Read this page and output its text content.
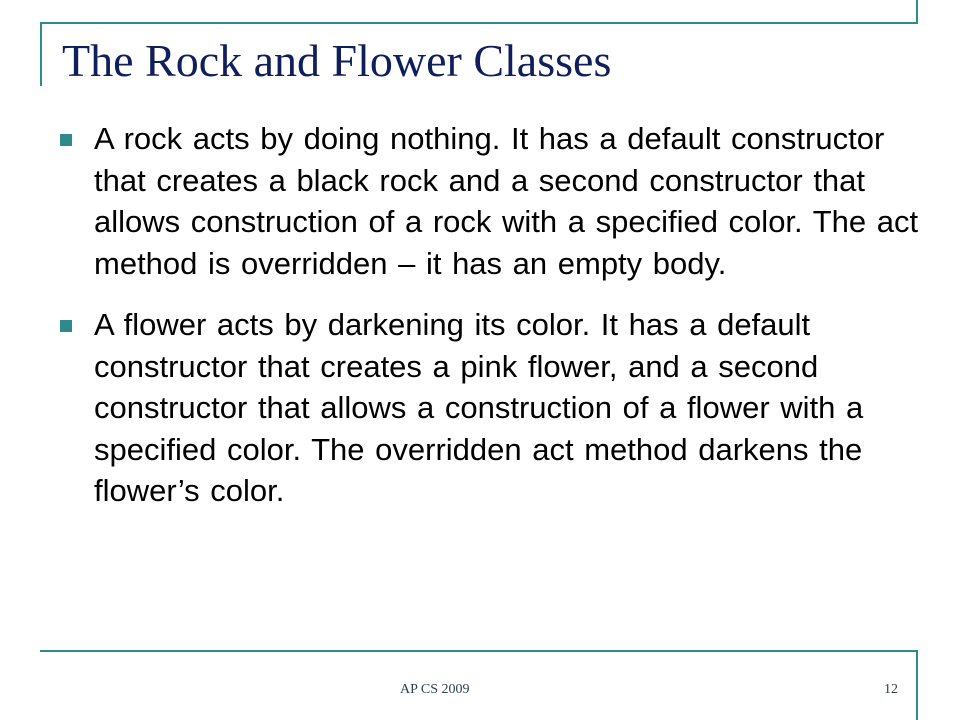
The Rock and Flower Classes
A rock acts by doing nothing. It has a default constructor that creates a black rock and a second constructor that allows construction of a rock with a specified color. The act method is overridden – it has an empty body.
A flower acts by darkening its color. It has a default constructor that creates a pink flower, and a second constructor that allows a construction of a flower with a specified color. The overridden act method darkens the flower’s color.
AP CS 2009	12
